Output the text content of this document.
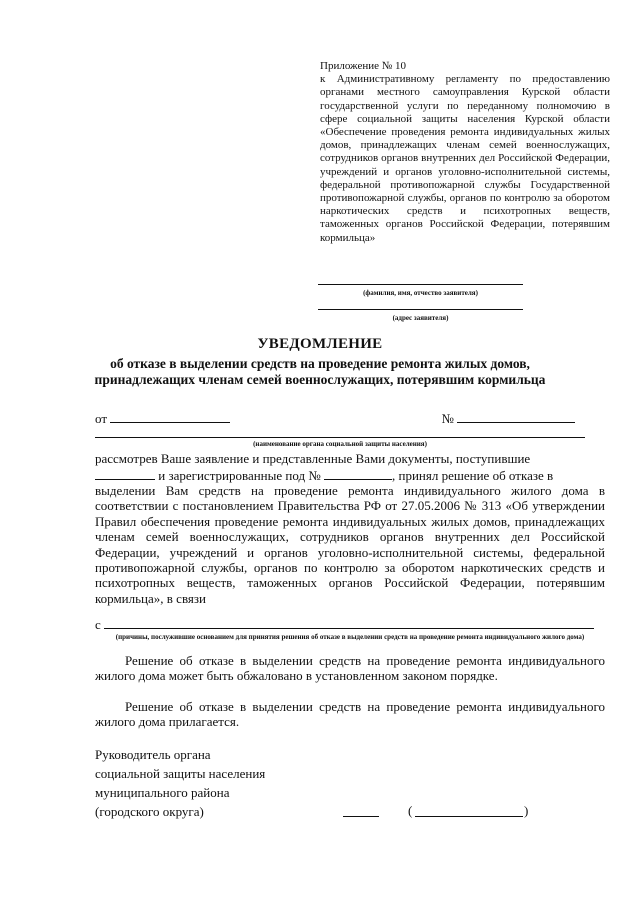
Приложение № 10
к Административному регламенту по предоставлению органами местного самоуправления Курской области государственной услуги по переданному полномочию в сфере социальной защиты населения Курской области «Обеспечение проведения ремонта индивидуальных жилых домов, принадлежащих членам семей военнослужащих, сотрудников органов внутренних дел Российской Федерации, учреждений и органов уголовно-исполнительной системы, федеральной противопожарной службы Государственной противопожарной службы, органов по контролю за оборотом наркотических средств и психотропных веществ, таможенных органов Российской Федерации, потерявшим кормильца»
(фамилия, имя, отчество заявителя)
(адрес заявителя)
УВЕДОМЛЕНИЕ
об отказе в выделении средств на проведение ремонта жилых домов, принадлежащих членам семей военнослужащих, потерявшим кормильца
от	№
(наименование органа социальной защиты населения)
рассмотрев Ваше заявление и представленные Вами документы, поступившие
и зарегистрированные под №	, принял решение об отказе в
выделении Вам средств на проведение ремонта индивидуального жилого дома в соответствии с постановлением Правительства РФ от 27.05.2006 № 313 «Об утверждении Правил обеспечения проведение ремонта индивидуальных жилых домов, принадлежащих членам семей военнослужащих, сотрудников органов внутренних дел Российской Федерации, учреждений и органов уголовно-исполнительной системы, федеральной противопожарной службы, органов по контролю за оборотом наркотических средств и психотропных веществ, таможенных органов Российской Федерации, потерявшим кормильца», в связи
с
(причины, послужившие основанием для принятия решения об отказе в выделении средств на проведение ремонта индивидуального жилого дома)
Решение об отказе в выделении средств на проведение ремонта индивидуального жилого дома может быть обжаловано в установленном законом порядке.
Решение об отказе в выделении средств на проведение ремонта индивидуального жилого дома прилагается.
Руководитель органа
социальной защиты населения
муниципального района
(городского округа)	(	)
